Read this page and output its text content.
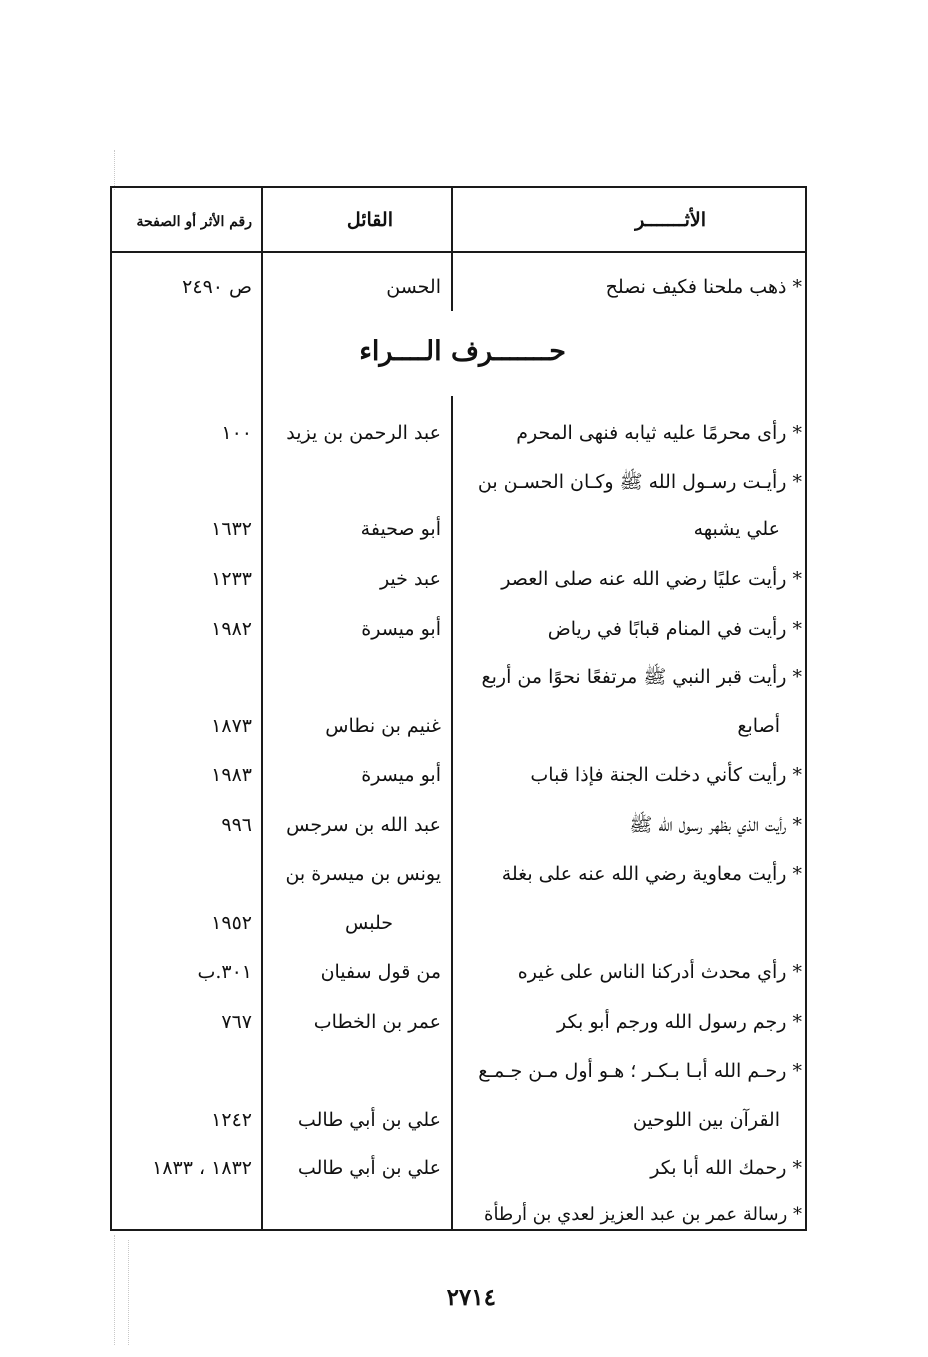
الأثـــــــر
القائل
رقم الأثر أو الصفحة
* ذهب ملحنا فكيف نصلح
الحسن
ص ٢٤٩٠
حـــــــرف الــــراء
* رأى محرمًا عليه ثيابه فنهى المحرم
عبد الرحمن بن يزيد
١٠٠
* رأيـت رسـول الله ﷺ وكـان الحسـن بن
علي يشبهه
أبو صحيفة
١٦٣٢
* رأيت عليًا رضي الله عنه صلى العصر
عبد خير
١٢٣٣
* رأيت في المنام قبابًا في رياض
أبو ميسرة
١٩٨٢
* رأيت قبر النبي ﷺ مرتفعًا نحوًا من أربع
أصابع
غنيم بن نطاس
١٨٧٣
* رأيت كأني دخلت الجنة فإذا قباب
أبو ميسرة
١٩٨٣
* رأيت الذي بظهر رسول الله ﷺ
عبد الله بن سرجس
٩٩٦
* رأيت معاوية رضي الله عنه على بغلة
يونس بن ميسرة بن
حلبس
١٩٥٢
* رأي محدث أدركنا الناس على غيره
من قول سفيان
٣٠١.ب
* رجم رسول الله ورجم أبو بكر
عمر بن الخطاب
٧٦٧
* رحـم الله أبـا بـكـر ؛ هـو أول مـن جـمـع
القرآن بين اللوحين
علي بن أبي طالب
١٢٤٢
* رحمك الله أبا بكر
علي بن أبي طالب
١٨٣٢ ، ١٨٣٣
* رسالة عمر بن عبد العزيز لعدي بن أرطأة
٢٧١٤
